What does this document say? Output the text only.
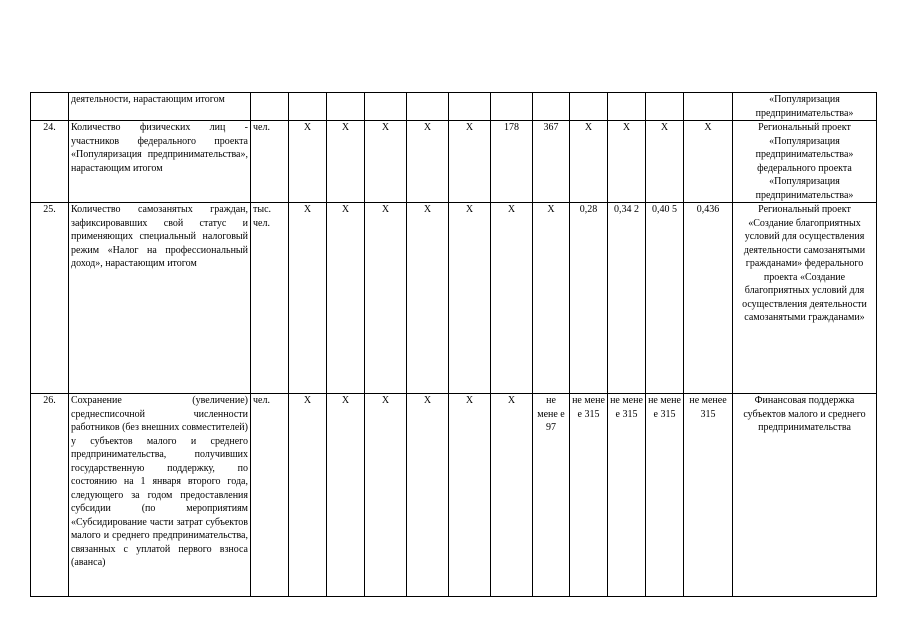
	деятельности, нарастающим итогом													«Популяризация предпринимательства»
24.	Количество физических лиц - участников федерального проекта «Популяризация предпринимательства», нарастающим итогом	чел.	Х	Х	Х	Х	Х	178	367	Х	Х	Х	Х	Региональный проект «Популяризация предпринимательства» федерального проекта «Популяризация предпринимательства»
25.	Количество самозанятых граждан, зафиксировавших свой статус и применяющих специальный налоговый режим «Налог на профессиональный доход», нарастающим итогом	тыс. чел.	Х	Х	Х	Х	Х	Х	Х	0,28	0,34 2	0,40 5	0,436	Региональный проект «Создание благоприятных условий для осуществления деятельности самозанятыми гражданами» федерального проекта «Создание благоприятных условий для осуществления деятельности самозанятыми гражданами»
26.	Сохранение (увеличение) среднесписочной численности работников (без внешних совместителей) у субъектов малого и среднего предпринимательства, получивших государственную поддержку, по состоянию на 1 января второго года, следующего за годом предоставления субсидии (по мероприятиям «Субсидирование части затрат субъектов малого и среднего предпринимательства, связанных с уплатой первого взноса (аванса)	чел.	Х	Х	Х	Х	Х	Х	не мене е 97	не мене е 315	не мене е 315	не мене е 315	не менее 315	Финансовая поддержка субъектов малого и среднего предпринимательства
